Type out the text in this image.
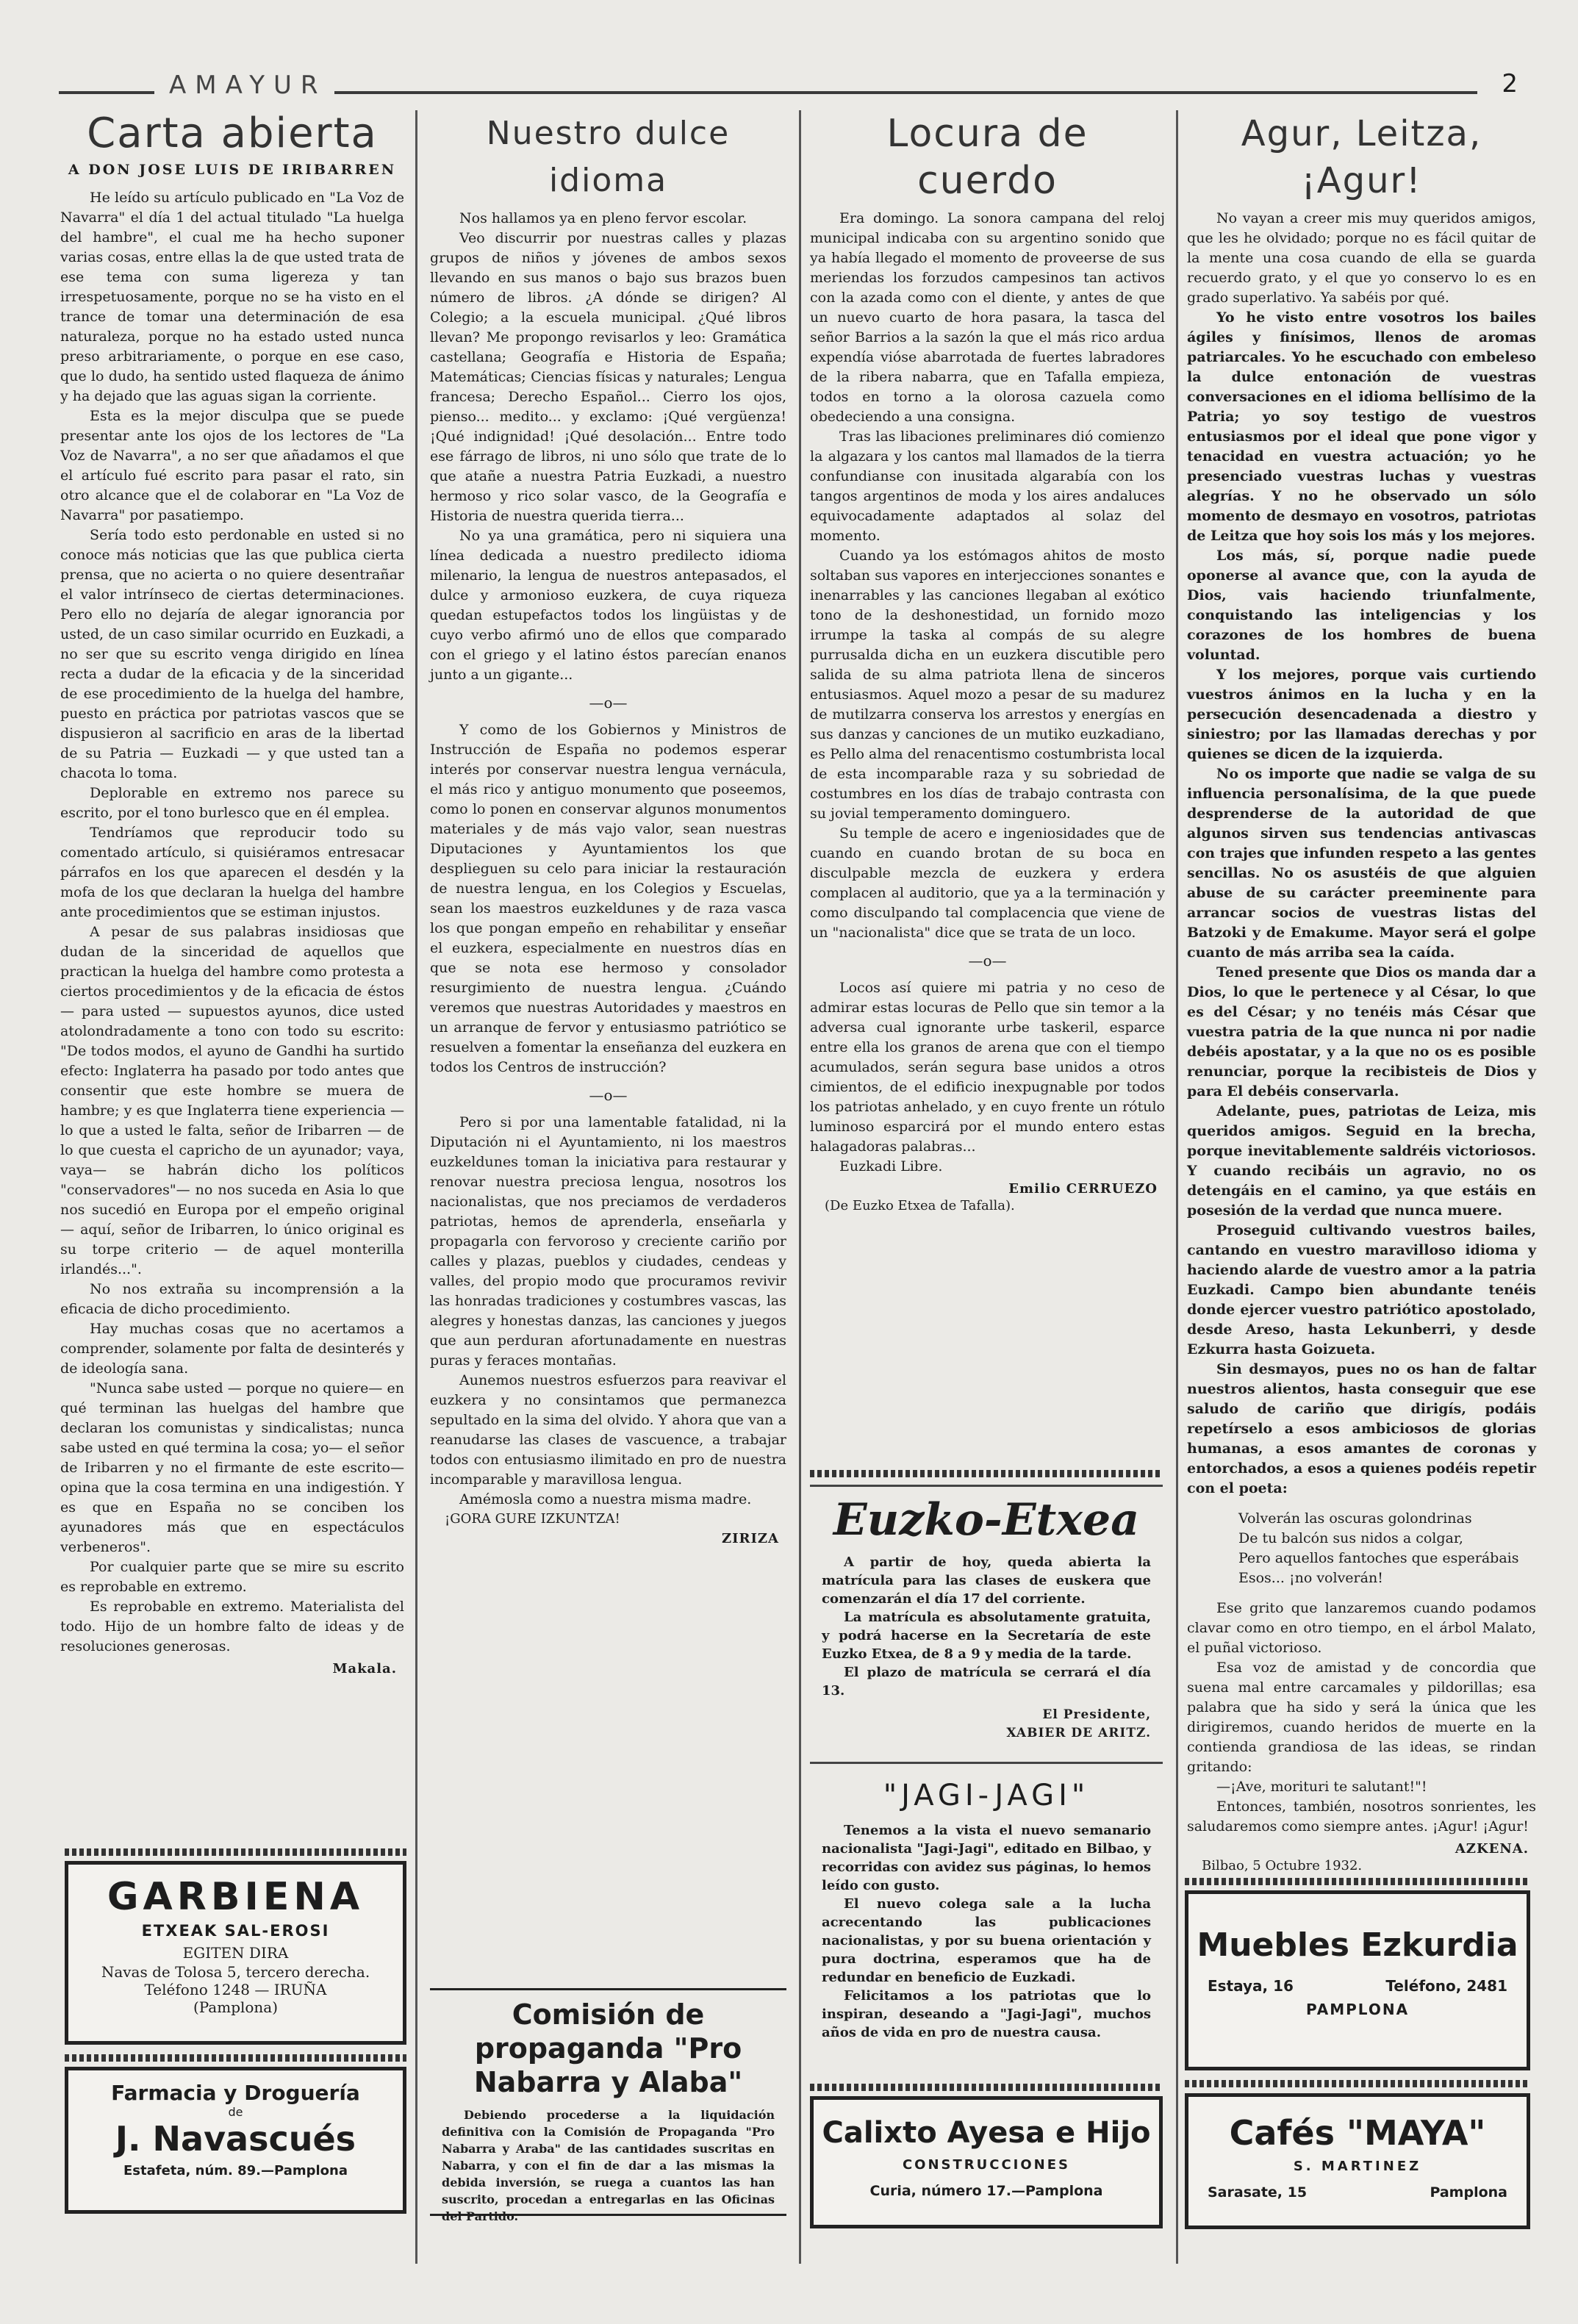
AMAYUR	2
Carta abierta
A DON JOSE LUIS DE IRIBARREN

He leído su artículo publicado en "La Voz de Navarra" el día 1 del actual titulado "La huelga del hambre", el cual me ha hecho suponer varias cosas, entre ellas la de que usted trata de ese tema con suma ligereza y tan irrespetuosamente, porque no se ha visto en el trance de tomar una determinación de esa naturaleza, porque no ha estado usted nunca preso arbitrariamente, o porque en ese caso, que lo dudo, ha sentido usted flaqueza de ánimo y ha dejado que las aguas sigan la corriente.

Esta es la mejor disculpa que se puede presentar ante los ojos de los lectores de "La Voz de Navarra", a no ser que añadamos el que el artículo fué escrito para pasar el rato, sin otro alcance que el de colaborar en "La Voz de Navarra" por pasatiempo.

Sería todo esto perdonable en usted si no conoce más noticias que las que publica cierta prensa, que no acierta o no quiere desentrañar el valor intrínseco de ciertas determinaciones. Pero ello no dejaría de alegar ignorancia por usted, de un caso similar ocurrido en Euzkadi, a no ser que su escrito venga dirigido en línea recta a dudar de la eficacia y de la sinceridad de ese procedimiento de la huelga del hambre, puesto en práctica por patriotas vascos que se dispusieron al sacrificio en aras de la libertad de su Patria — Euzkadi — y que usted tan a chacota lo toma.

Deplorable en extremo nos parece su escrito, por el tono burlesco que en él emplea.

Tendríamos que reproducir todo su comentado artículo, si quisiéramos entresacar párrafos en los que aparecen el desdén y la mofa de los que declaran la huelga del hambre ante procedimientos que se estiman injustos.

A pesar de sus palabras insidiosas que dudan de la sinceridad de aquellos que practican la huelga del hambre como protesta a ciertos procedimientos y de la eficacia de éstos — para usted — supuestos ayunos, dice usted atolondradamente a tono con todo su escrito: "De todos modos, el ayuno de Gandhi ha surtido efecto: Inglaterra ha pasado por todo antes que consentir que este hombre se muera de hambre; y es que Inglaterra tiene experiencia — lo que a usted le falta, señor de Iribarren — de lo que cuesta el capricho de un ayunador; vaya, vaya— se habrán dicho los políticos "conservadores"— no nos suceda en Asia lo que nos sucedió en Europa por el empeño original — aquí, señor de Iribarren, lo único original es su torpe criterio — de aquel monterilla irlandés...".

No nos extraña su incomprensión a la eficacia de dicho procedimiento.

Hay muchas cosas que no acertamos a comprender, solamente por falta de desinterés y de ideología sana.

"Nunca sabe usted — porque no quiere— en qué terminan las huelgas del hambre que declaran los comunistas y sindicalistas; nunca sabe usted en qué termina la cosa; yo— el señor de Iribarren y no el firmante de este escrito— opina que la cosa termina en una indigestión. Y es que en España no se conciben los ayunadores más que en espectáculos verbeneros".

Por cualquier parte que se mire su escrito es reprobable en extremo.

Es reprobable en extremo. Materialista del todo. Hijo de un hombre falto de ideas y de resoluciones generosas.

Makala.
Nuestro dulce idioma

Nos hallamos ya en pleno fervor escolar.

Veo discurrir por nuestras calles y plazas grupos de niños y jóvenes de ambos sexos llevando en sus manos o bajo sus brazos buen número de libros. ¿A dónde se dirigen? Al Colegio; a la escuela municipal. ¿Qué libros llevan? Me propongo revisarlos y leo: Gramática castellana; Geografía e Historia de España; Matemáticas; Ciencias físicas y naturales; Lengua francesa; Derecho Español... Cierro los ojos, pienso... medito... y exclamo: ¡Qué vergüenza! ¡Qué indignidad! ¡Qué desolación... Entre todo ese fárrago de libros, ni uno sólo que trate de lo que atañe a nuestra Patria Euzkadi, a nuestro hermoso y rico solar vasco, de la Geografía e Historia de nuestra querida tierra...

No ya una gramática, pero ni siquiera una línea dedicada a nuestro predilecto idioma milenario, la lengua de nuestros antepasados, el dulce y armonioso euzkera, de cuya riqueza quedan estupefactos todos los lingüistas y de cuyo verbo afirmó uno de ellos que comparado con el griego y el latino éstos parecían enanos junto a un gigante...

—o—

Y como de los Gobiernos y Ministros de Instrucción de España no podemos esperar interés por conservar nuestra lengua vernácula, el más rico y antiguo monumento que poseemos, como lo ponen en conservar algunos monumentos materiales y de más vajo valor, sean nuestras Diputaciones y Ayuntamientos los que desplieguen su celo para iniciar la restauración de nuestra lengua, en los Colegios y Escuelas, sean los maestros euzkeldunes y de raza vasca los que pongan empeño en rehabilitar y enseñar el euzkera, especialmente en nuestros días en que se nota ese hermoso y consolador resurgimiento de nuestra lengua. ¿Cuándo veremos que nuestras Autoridades y maestros en un arranque de fervor y entusiasmo patriótico se resuelven a fomentar la enseñanza del euzkera en todos los Centros de instrucción?

—o—

Pero si por una lamentable fatalidad, ni la Diputación ni el Ayuntamiento, ni los maestros euzkeldunes toman la iniciativa para restaurar y renovar nuestra preciosa lengua, nosotros los nacionalistas, que nos preciamos de verdaderos patriotas, hemos de aprenderla, enseñarla y propagarla con fervoroso y creciente cariño por calles y plazas, pueblos y ciudades, cendeas y valles, del propio modo que procuramos revivir las honradas tradiciones y costumbres vascas, las alegres y honestas danzas, las canciones y juegos que aun perduran afortunadamente en nuestras puras y feraces montañas.

Aunemos nuestros esfuerzos para reavivar el euzkera y no consintamos que permanezca sepultado en la sima del olvido. Y ahora que van a reanudarse las clases de vascuence, a trabajar todos con entusiasmo ilimitado en pro de nuestra incomparable y maravillosa lengua.

Amémosla como a nuestra misma madre.

¡GORA GURE IZKUNTZA!
ZIRIZA
Locura de cuerdo

Era domingo. La sonora campana del reloj municipal indicaba con su argentino sonido que ya había llegado el momento de proveerse de sus meriendas los forzudos campesinos tan activos con la azada como con el diente, y antes de que un nuevo cuarto de hora pasara, la tasca del señor Barrios a la sazón la que el más rico ardua expendía vióse abarrotada de fuertes labradores de la ribera nabarra, que en Tafalla empieza, todos en torno a la olorosa cazuela como obedeciendo a una consigna.

Tras las libaciones preliminares dió comienzo la algazara y los cantos mal llamados de la tierra confundianse con inusitada algarabía con los tangos argentinos de moda y los aires andaluces equivocadamente adaptados al solaz del momento.

Cuando ya los estómagos ahitos de mosto soltaban sus vapores en interjecciones sonantes e inenarrables y las canciones llegaban al exótico tono de la deshonestidad, un fornido mozo irrumpe la taska al compás de su alegre purrusalda dicha en un euzkera discutible pero salida de su alma patriota llena de sinceros entusiasmos. Aquel mozo a pesar de su madurez de mutilzarra conserva los arrestos y energías en sus danzas y canciones de un mutiko euzkadiano, es Pello alma del renacentismo costumbrista local de esta incomparable raza y su sobriedad de costumbres en los días de trabajo contrasta con su jovial temperamento dominguero.

Su temple de acero e ingeniosidades que de cuando en cuando brotan de su boca en disculpable mezcla de euzkera y erdera complacen al auditorio, que ya a la terminación y como disculpando tal complacencia que viene de un "nacionalista" dice que se trata de un loco.

—o—

Locos así quiere mi patria y no ceso de admirar estas locuras de Pello que sin temor a la adversa cual ignorante urbe taskeril, esparce entre ella los granos de arena que con el tiempo acumulados, serán segura base unidos a otros cimientos, de el edificio inexpugnable por todos los patriotas anhelado, y en cuyo frente un rótulo luminoso esparcirá por el mundo entero estas halagadoras palabras...

Euzkadi Libre.

Emilio CERRUEZO
(De Euzko Etxea de Tafalla).
Agur, Leitza, ¡Agur!

No vayan a creer mis muy queridos amigos, que les he olvidado; porque no es fácil quitar de la mente una cosa cuando de ella se guarda recuerdo grato, y el que yo conservo lo es en grado superlativo. Ya sabéis por qué.

Yo he visto entre vosotros los bailes ágiles y finísimos, llenos de aromas patriarcales. Yo he escuchado con embeleso la dulce entonación de vuestras conversaciones en el idioma bellísimo de la Patria; yo soy testigo de vuestros entusiasmos por el ideal que pone vigor y tenacidad en vuestra actuación; yo he presenciado vuestras luchas y vuestras alegrías. Y no he observado un sólo momento de desmayo en vosotros, patriotas de Leitza que hoy sois los más y los mejores.

Los más, sí, porque nadie puede oponerse al avance que, con la ayuda de Dios, vais haciendo triunfalmente, conquistando las inteligencias y los corazones de los hombres de buena voluntad.

Y los mejores, porque vais curtiendo vuestros ánimos en la lucha y en la persecución desencadenada a diestro y siniestro; por las llamadas derechas y por quienes se dicen de la izquierda.

No os importe que nadie se valga de su influencia personalísima, de la que puede desprenderse de la autoridad de que algunos sirven sus tendencias antivascas con trajes que infunden respeto a las gentes sencillas. No os asustéis de que alguien abuse de su carácter preeminente para arrancar socios de vuestras listas del Batzoki y de Emakume. Mayor será el golpe cuanto de más arriba sea la caída.

Tened presente que Dios os manda dar a Dios, lo que le pertenece y al César, lo que es del César; y no tenéis más César que vuestra patria de la que nunca ni por nadie debéis apostatar, y a la que no os es posible renunciar, porque la recibisteis de Dios y para El debéis conservarla.

Adelante, pues, patriotas de Leiza, mis queridos amigos. Seguid en la brecha, porque inevitablemente saldréis victoriosos. Y cuando recibáis un agravio, no os detengáis en el camino, ya que estáis en posesión de la verdad que nunca muere.

Proseguid cultivando vuestros bailes, cantando en vuestro maravilloso idioma y haciendo alarde de vuestro amor a la patria Euzkadi. Campo bien abundante tenéis donde ejercer vuestro patriótico apostolado, desde Areso, hasta Lekunberri, y desde Ezkurra hasta Goizueta.

Sin desmayos, pues no os han de faltar nuestros alientos, hasta conseguir que ese saludo de cariño que dirigís, podáis repetírselo a esos ambiciosos de glorias humanas, a esos amantes de coronas y entorchados, a esos a quienes podéis repetir con el poeta:

Volverán las oscuras golondrinas
De tu balcón sus nidos a colgar,
Pero aquellos fantoches que esperábais
Esos... ¡no volverán!

Ese grito que lanzaremos cuando podamos clavar como en otro tiempo, en el árbol Malato, el puñal victorioso.

Esa voz de amistad y de concordia que suena mal entre carcamales y pildorillas; esa palabra que ha sido y será la única que les dirigiremos, cuando heridos de muerte en la contienda grandiosa de las ideas, se rindan gritando:

—¡Ave, morituri te salutant!"!

Entonces, también, nosotros sonrientes, les saludaremos como siempre antes. ¡Agur! ¡Agur!

AZKENA.
Bilbao, 5 Octubre 1932.
GARBIENA
ETXEAK SAL-EROSI
EGITEN DIRA
Navas de Tolosa 5, tercero derecha. Teléfono 1248 — IRUÑA
(Pamplona)
Farmacia y Droguería
de
J. Navascués
Estafeta, núm. 89.—Pamplona
Comisión de propaganda "Pro Nabarra y Alaba"

Debiendo procederse a la liquidación definitiva con la Comisión de Propaganda "Pro Nabarra y Araba" de las cantidades suscritas en Nabarra, y con el fin de dar a las mismas la debida inversión, se ruega a cuantos las han suscrito, procedan a entregarlas en las Oficinas del Partido.

Euzko-Etxea

A partir de hoy, queda abierta la matrícula para las clases de euskera que comenzarán el día 17 del corriente.

La matrícula es absolutamente gratuita, y podrá hacerse en la Secretaría de este Euzko Etxea, de 8 a 9 y media de la tarde.

El plazo de matrícula se cerrará el día 13.

El Presidente,

XABIER DE ARITZ.

"JAGI-JAGI"

Tenemos a la vista el nuevo semanario nacionalista "Jagi-Jagi", editado en Bilbao, y recorridas con avidez sus páginas, lo hemos leído con gusto.

El nuevo colega sale a la lucha acrecentando las publicaciones nacionalistas, y por su buena orientación y pura doctrina, esperamos que ha de redundar en beneficio de Euzkadi.

Felicitamos a los patriotas que lo inspiran, deseando a "Jagi-Jagi", muchos años de vida en pro de nuestra causa.

Calixto Ayesa e Hijo
CONSTRUCCIONES
Curia, número 17.—Pamplona
Muebles Ezkurdia
Estaya, 16	Teléfono, 2481
PAMPLONA
Cafés "MAYA"
S. MARTINEZ
Sarasate, 15	Pamplona
